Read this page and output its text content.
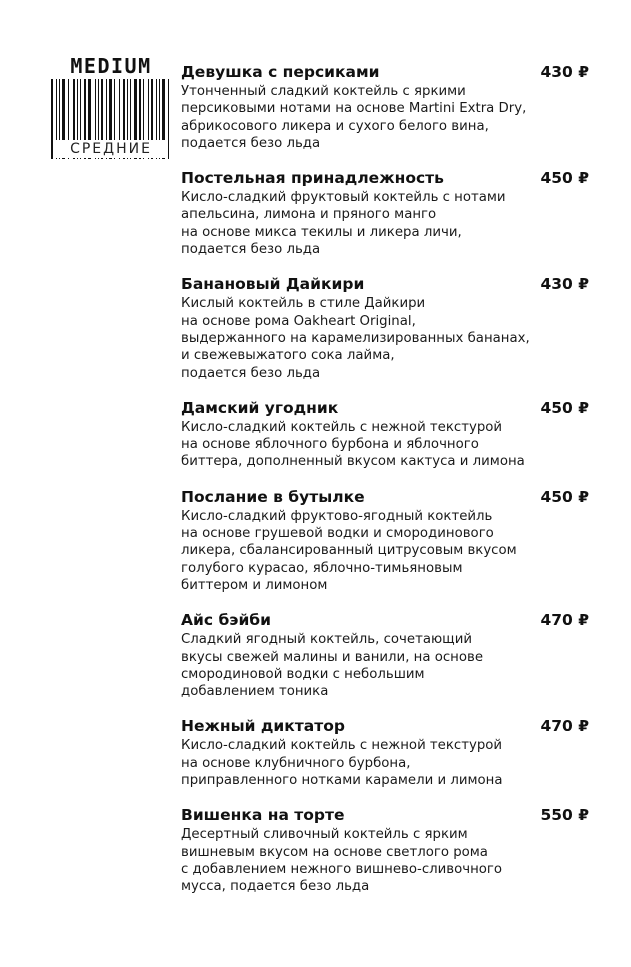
MEDIUM
СРЕДНИЕ
Девушка с персиками	430 ₽
Утонченный сладкий коктейль с яркими
персиковыми нотами на основе Martini Extra Dry,
абрикосового ликера и сухого белого вина,
подается безо льда
Постельная принадлежность	450 ₽
Кисло-сладкий фруктовый коктейль с нотами
апельсина, лимона и пряного манго
на основе микса текилы и ликера личи,
подается безо льда
Банановый Дайкири	430 ₽
Кислый коктейль в стиле Дайкири
на основе рома Oakheart Original,
выдержанного на карамелизированных бананах,
и свежевыжатого сока лайма,
подается безо льда
Дамский угодник	450 ₽
Кисло-сладкий коктейль с нежной текстурой
на основе яблочного бурбона и яблочного
биттера, дополненный вкусом кактуса и лимона
Послание в бутылке	450 ₽
Кисло-сладкий фруктово-ягодный коктейль
на основе грушевой водки и смородинового
ликера, сбалансированный цитрусовым вкусом
голубого курасао, яблочно-тимьяновым
биттером и лимоном
Айс бэйби	470 ₽
Сладкий ягодный коктейль, сочетающий
вкусы свежей малины и ванили, на основе
смородиновой водки с небольшим
добавлением тоника
Нежный диктатор	470 ₽
Кисло-сладкий коктейль с нежной текстурой
на основе клубничного бурбона,
приправленного нотками карамели и лимона
Вишенка на торте	550 ₽
Десертный сливочный коктейль с ярким
вишневым вкусом на основе светлого рома
с добавлением нежного вишнево-сливочного
мусса, подается безо льда
